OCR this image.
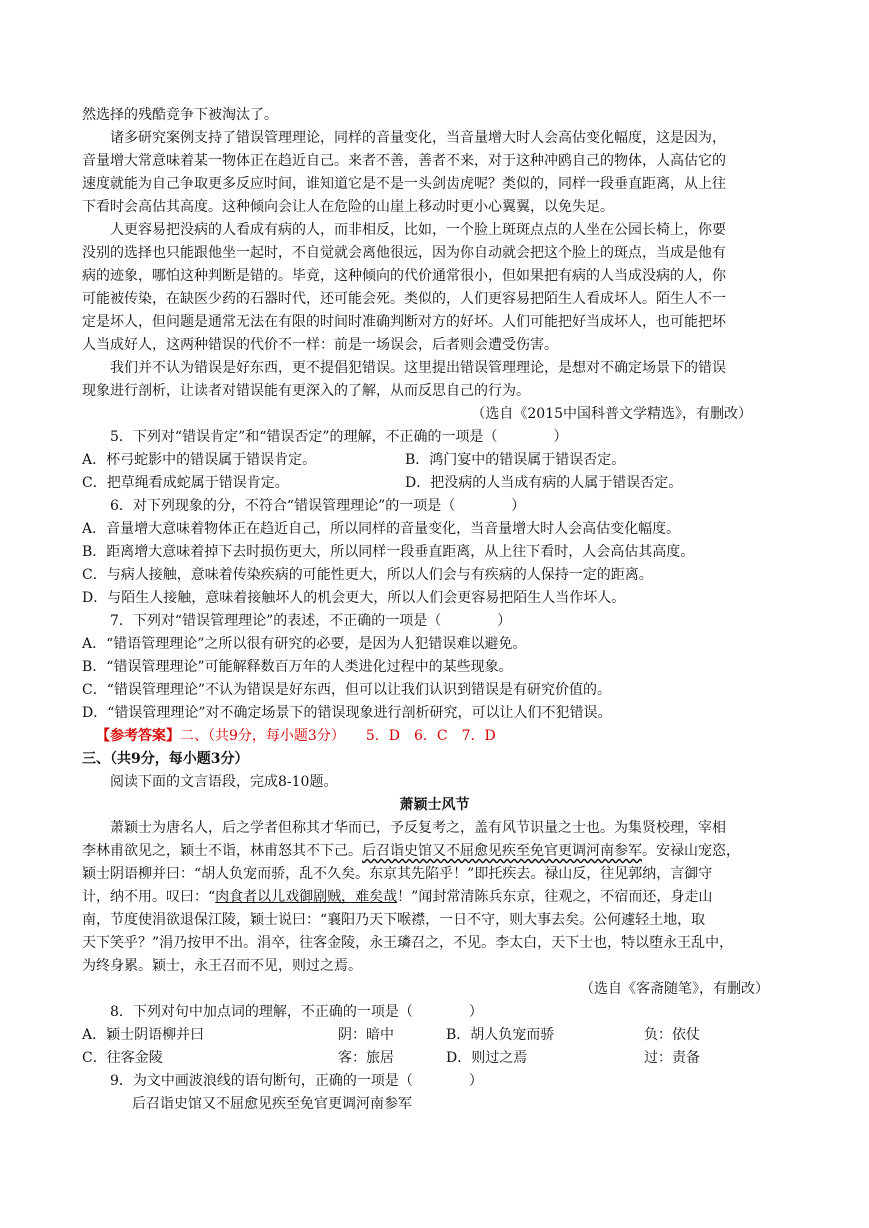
然选择的残酷竞争下被淘汰了。
诸多研究案例支持了错误管理理论，同样的音量变化，当音量增大时人会高估变化幅度，这是因为，
音量增大常意味着某一物体正在趋近自己。来者不善，善者不来，对于这种冲鸥自己的物体，人高估它的
速度就能为自己争取更多反应时间，谁知道它是不是一头剑齿虎呢？类似的，同样一段垂直距离，从上往
下看时会高估其高度。这种倾向会让人在危险的山崖上移动时更小心翼翼，以免失足。
人更容易把没病的人看成有病的人，而非相反，比如，一个脸上斑斑点点的人坐在公园长椅上，你要
没别的选择也只能跟他坐一起时，不自觉就会离他很远，因为你自动就会把这个脸上的斑点，当成是他有
病的迹象，哪怕这种判断是错的。毕竟，这种倾向的代价通常很小，但如果把有病的人当成没病的人，你
可能被传染，在缺医少药的石器时代，还可能会死。类似的，人们更容易把陌生人看成坏人。陌生人不一
定是坏人，但问题是通常无法在有限的时间时准确判断对方的好坏。人们可能把好当成坏人，也可能把坏
人当成好人，这两种错误的代价不一样：前是一场误会，后者则会遭受伤害。
我们并不认为错误是好东西，更不提倡犯错误。这里提出错误管理理论，是想对不确定场景下的错误
现象进行剖析，让读者对错误能有更深入的了解，从而反思自己的行为。
（选自《2015中国科普文学精选》，有删改）
5．下列对“错误肯定”和“错误否定”的理解，不正确的一项是（　　　　）
A．杯弓蛇影中的错误属于错误肯定。	B．鸿门宴中的错误属于错误否定。
C．把草绳看成蛇属于错误肯定。	D．把没病的人当成有病的人属于错误否定。
6．对下列现象的分，不符合“错误管理理论”的一项是（　　　　）
A．音量增大意味着物体正在趋近自己，所以同样的音量变化，当音量增大时人会高估变化幅度。
B．距离增大意味着掉下去时损伤更大，所以同样一段垂直距离，从上往下看时，人会高估其高度。
C．与病人接触，意味着传染疾病的可能性更大，所以人们会与有疾病的人保持一定的距离。
D．与陌生人接触，意味着接触坏人的机会更大，所以人们会更容易把陌生人当作坏人。
7．下列对“错误管理理论”的表述，不正确的一项是（　　　　）
A．“错语管理理论”之所以很有研究的必要，是因为人犯错误难以避免。
B．“错误管理理论”可能解释数百万年的人类进化过程中的某些现象。
C．“错误管理理论”不认为错误是好东西，但可以让我们认识到错误是有研究价值的。
D．“错误管理理论”对不确定场景下的错误现象进行剖析研究，可以让人们不犯错误。
【参考答案】二、（共9分，每小题3分）　　5．D　6．C　7．D
三、（共9分，每小题3分）
阅读下面的文言语段，完成8-10题。
萧颖士风节
萧颖士为唐名人，后之学者但称其才华而已，予反复考之，盖有风节识量之士也。为集贤校理，宰相
李林甫欲见之，颖士不诣，林甫怒其不下己。后召诣史馆又不屈愈见疾至免官更调河南参军。安禄山宠恣，
颖士阴语柳并曰：“胡人负宠而骄，乱不久矣。东京其先陷乎！”即托疾去。禄山反，往见郭纳，言御守
计，纳不用。叹曰：“肉食者以儿戏御剧贼，难矣哉！”闻封常清陈兵东京，往观之，不宿而还，身走山
南，节度使涓欲退保江陵，颖士说曰：“襄阳乃天下喉襟，一日不守，则大事去矣。公何遽轻土地，取
天下笑乎？”涓乃按甲不出。涓卒，往客金陵，永王璘召之，不见。李太白，天下士也，特以堕永王乱中，
为终身累。颖士，永王召而不见，则过之焉。
（选自《客斋随笔》，有删改）
8．下列对句中加点词的理解，不正确的一项是（　　　　）
A．颖士阴语柳并曰	阴：暗中	B．胡人负宠而骄	负：依仗
C．往客金陵	客：旅居	D．则过之焉	过：责备
9．为文中画波浪线的语句断句，正确的一项是（　　　　）
后召诣史馆又不屈愈见疾至免官更调河南参军
